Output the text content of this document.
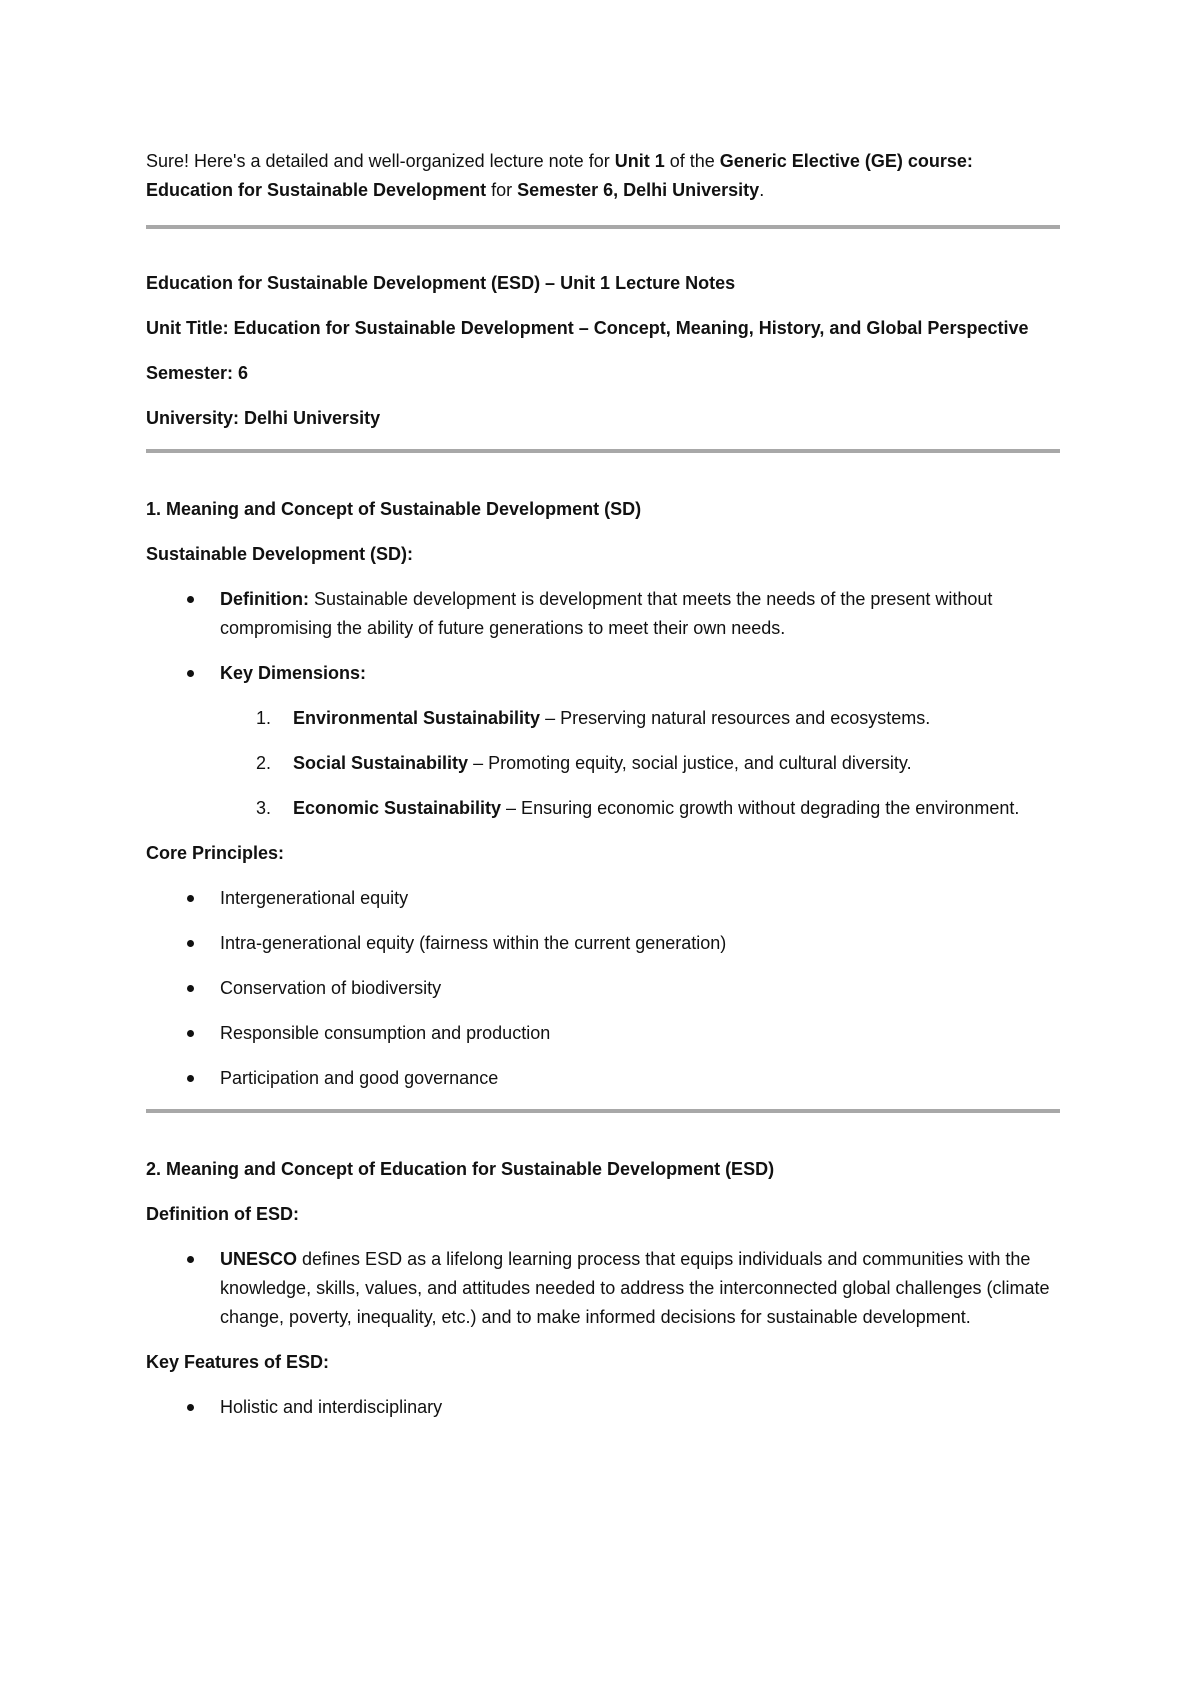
Sure! Here's a detailed and well-organized lecture note for Unit 1 of the Generic Elective (GE) course: Education for Sustainable Development for Semester 6, Delhi University.

Education for Sustainable Development (ESD) – Unit 1 Lecture Notes

Unit Title: Education for Sustainable Development – Concept, Meaning, History, and Global Perspective

Semester: 6

University: Delhi University

1. Meaning and Concept of Sustainable Development (SD)

Sustainable Development (SD):

Definition: Sustainable development is development that meets the needs of the present without compromising the ability of future generations to meet their own needs.
Key Dimensions:
1. Environmental Sustainability – Preserving natural resources and ecosystems.
2. Social Sustainability – Promoting equity, social justice, and cultural diversity.
3. Economic Sustainability – Ensuring economic growth without degrading the environment.

Core Principles:

Intergenerational equity
Intra-generational equity (fairness within the current generation)
Conservation of biodiversity
Responsible consumption and production
Participation and good governance

2. Meaning and Concept of Education for Sustainable Development (ESD)

Definition of ESD:

UNESCO defines ESD as a lifelong learning process that equips individuals and communities with the knowledge, skills, values, and attitudes needed to address the interconnected global challenges (climate change, poverty, inequality, etc.) and to make informed decisions for sustainable development.

Key Features of ESD:

Holistic and interdisciplinary
